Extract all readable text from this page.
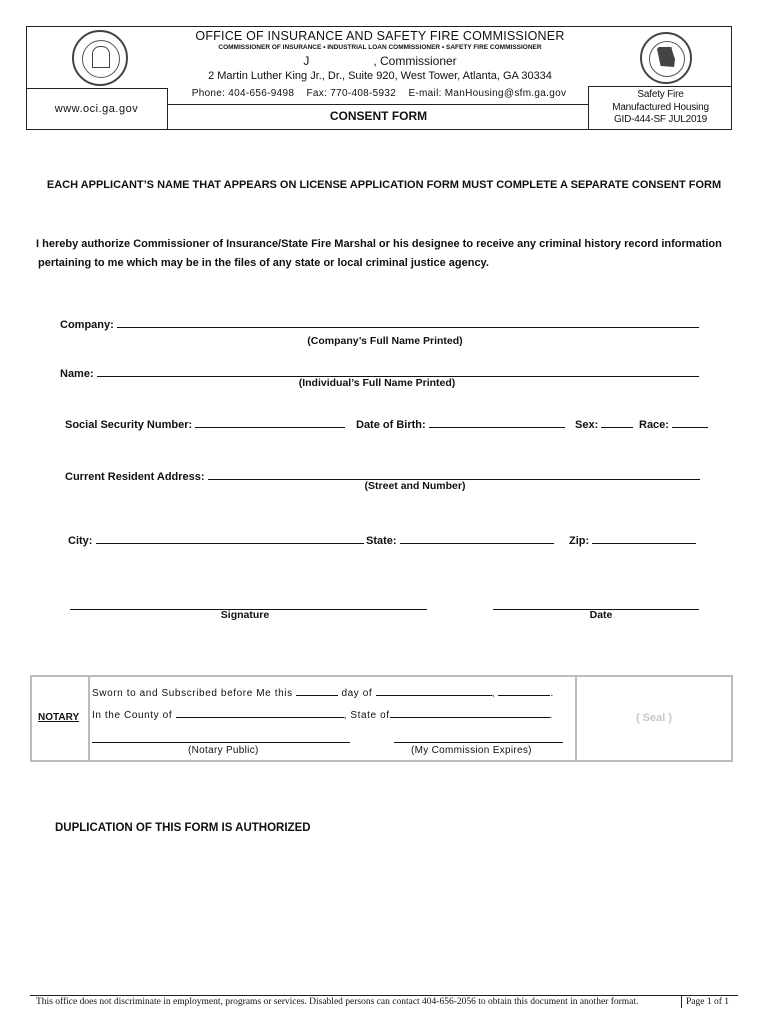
OFFICE OF INSURANCE AND SAFETY FIRE COMMISSIONER
COMMISSIONER OF INSURANCE • INDUSTRIAL LOAN COMMISSIONER • SAFETY FIRE COMMISSIONER
J	, Commissioner
2 Martin Luther King Jr., Dr., Suite 920, West Tower, Atlanta, GA 30334
www.oci.ga.gov
Phone: 404-656-9498 Fax: 770-408-5932 E-mail: ManHousing@sfm.ga.gov
CONSENT FORM
Safety Fire
Manufactured Housing
GID-444-SF JUL2019
EACH APPLICANT’S NAME THAT APPEARS ON LICENSE APPLICATION FORM MUST COMPLETE A SEPARATE CONSENT FORM
I hereby authorize Commissioner of Insurance/State Fire Marshal or his designee to receive any criminal history record information
pertaining to me which may be in the files of any state or local criminal justice agency.
Company:
(Company’s Full Name Printed)
Name:
(Individual’s Full Name Printed)
Social Security Number:	Date of Birth:	Sex:	Race:
Current Resident Address:
(Street and Number)
City:	State:	Zip:
Signature	Date
NOTARY
Sworn to and Subscribed before Me this	day of	,	.
In the County of	, State of	.
(Notary Public)	(My Commission Expires)
( Seal )
DUPLICATION OF THIS FORM IS AUTHORIZED
This office does not discriminate in employment, programs or services. Disabled persons can contact 404-656-2056 to obtain this document in another format.	Page 1 of 1
